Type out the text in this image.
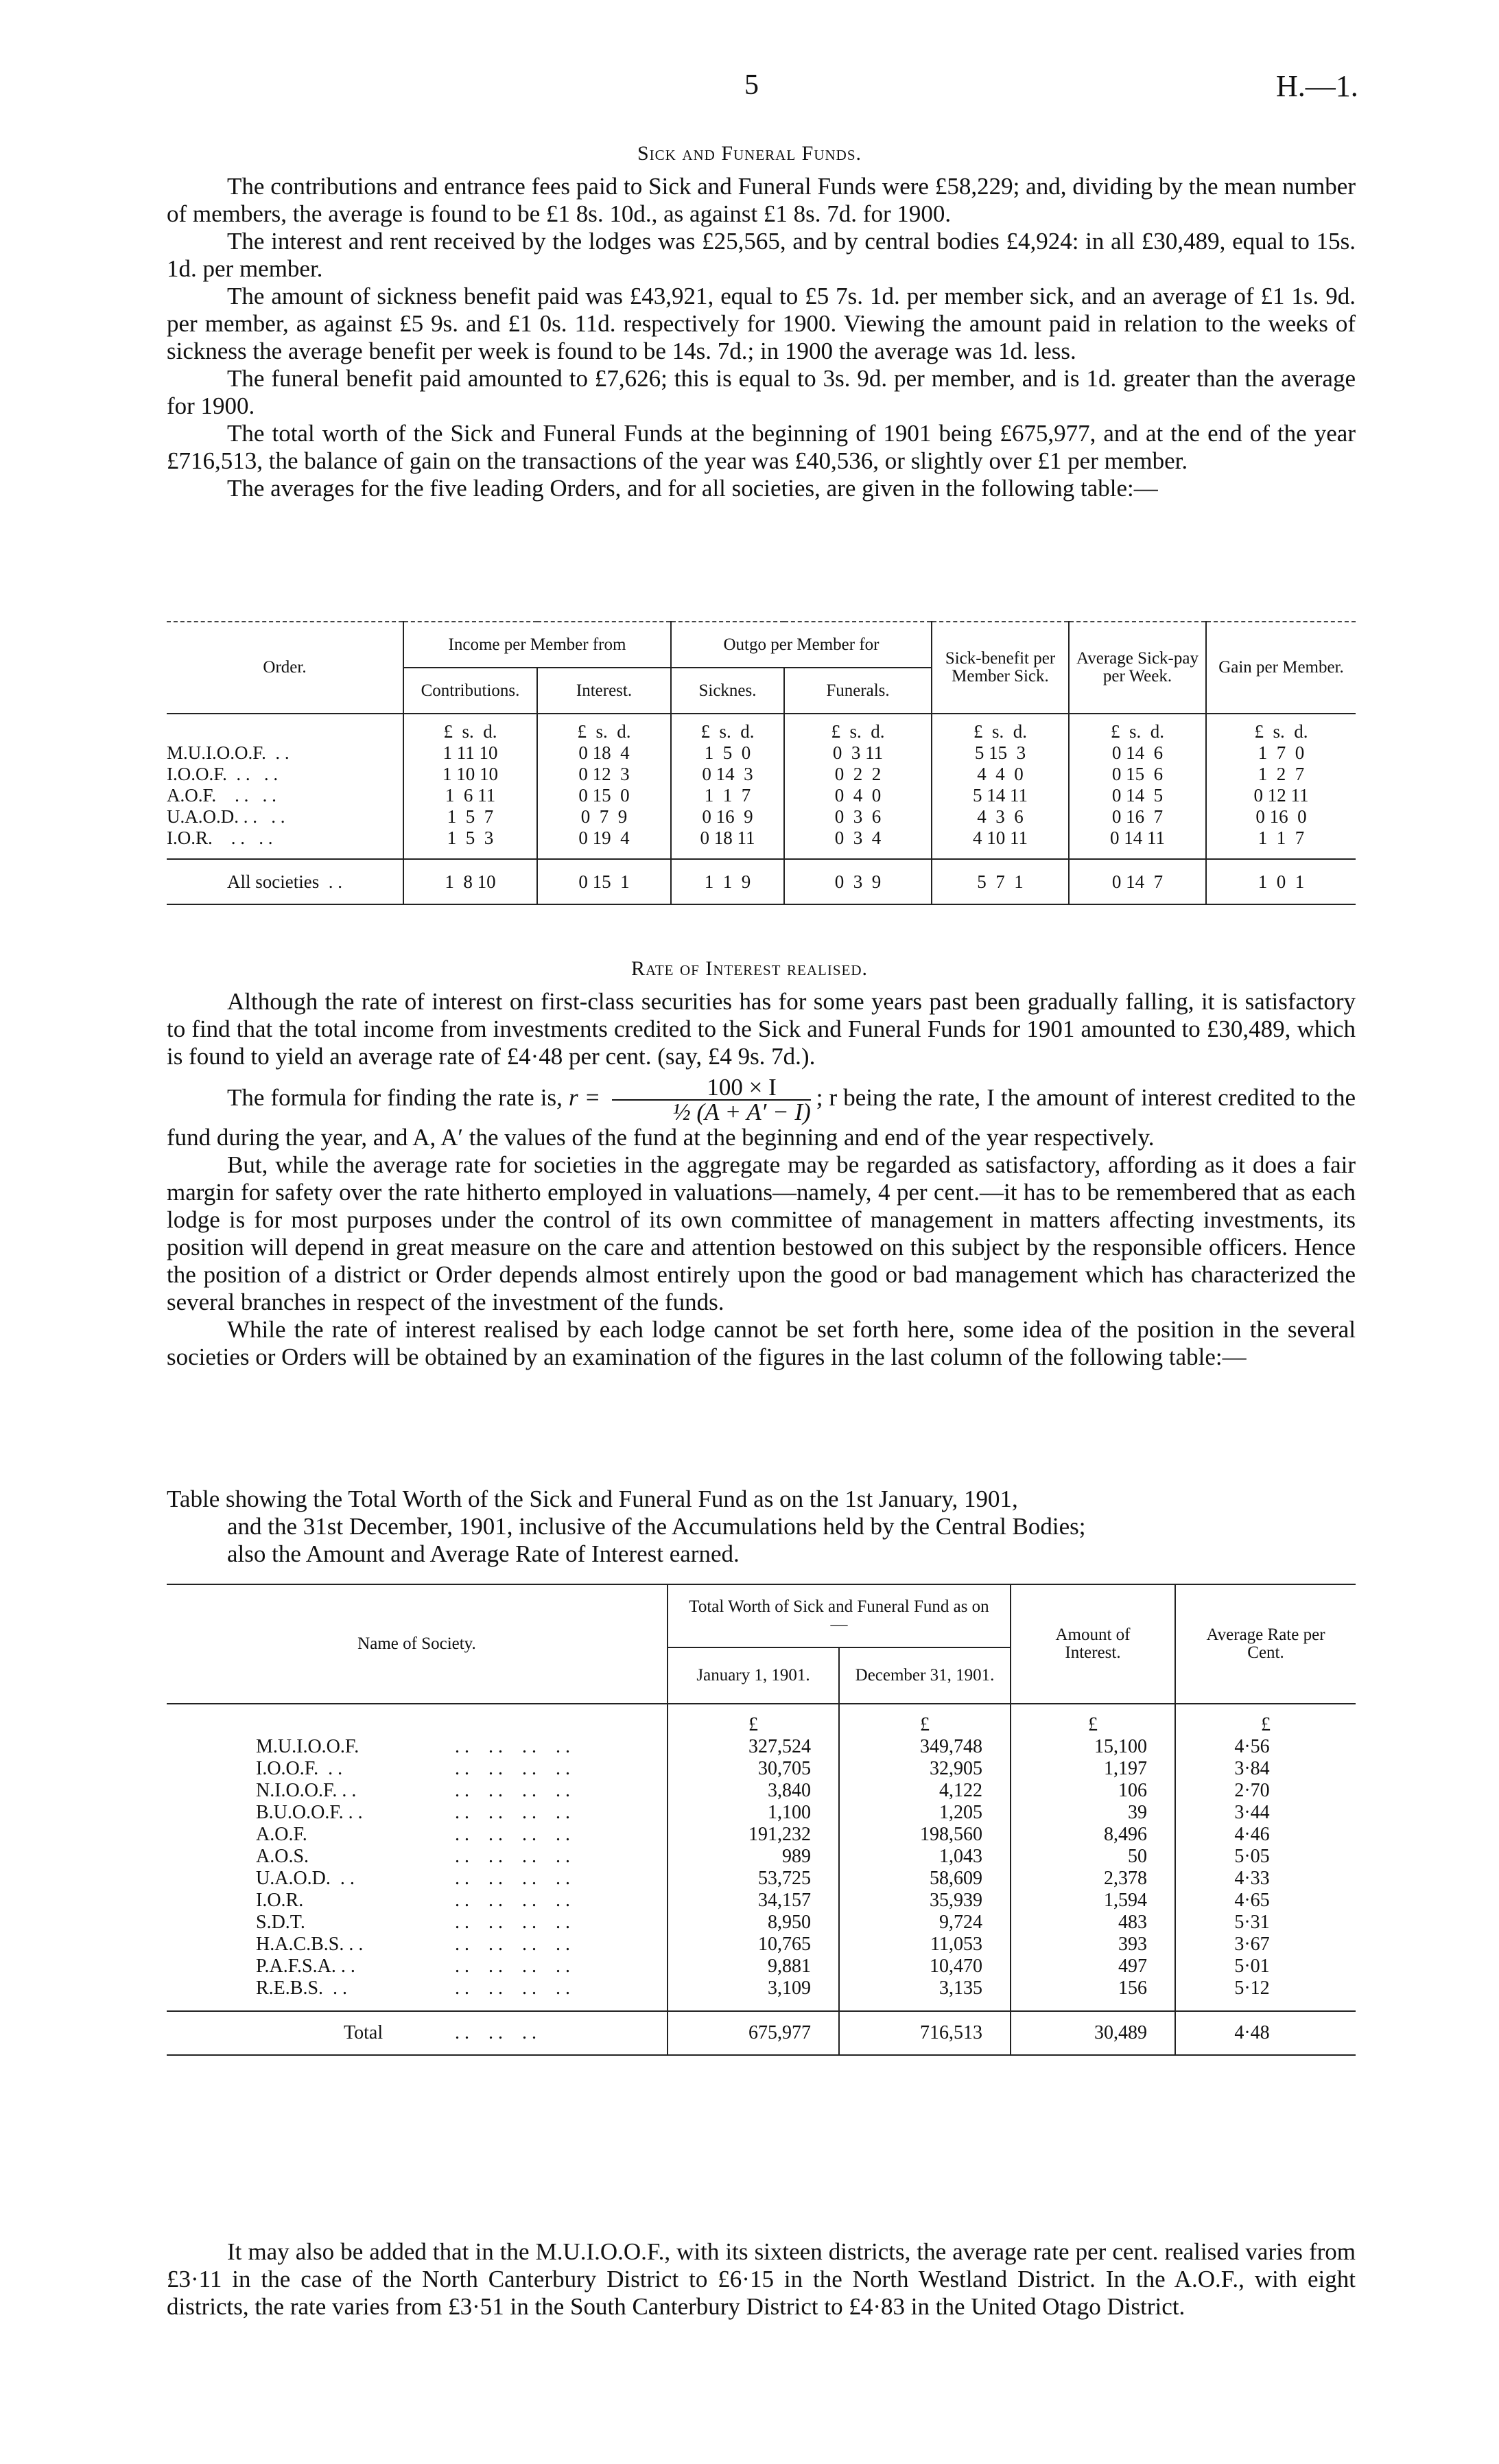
5	H.—1.
Sick and Funeral Funds.

The contributions and entrance fees paid to Sick and Funeral Funds were £58,229; and, dividing by the mean number of members, the average is found to be £1 8s. 10d., as against £1 8s. 7d. for 1900.

The interest and rent received by the lodges was £25,565, and by central bodies £4,924: in all £30,489, equal to 15s. 1d. per member.

The amount of sickness benefit paid was £43,921, equal to £5 7s. 1d. per member sick, and an average of £1 1s. 9d. per member, as against £5 9s. and £1 0s. 11d. respectively for 1900. Viewing the amount paid in relation to the weeks of sickness the average benefit per week is found to be 14s. 7d.; in 1900 the average was 1d. less.

The funeral benefit paid amounted to £7,626; this is equal to 3s. 9d. per member, and is 1d. greater than the average for 1900.

The total worth of the Sick and Funeral Funds at the beginning of 1901 being £675,977, and at the end of the year £716,513, the balance of gain on the transactions of the year was £40,536, or slightly over £1 per member.

The averages for the five leading Orders, and for all societies, are given in the following table:—

Order.	Income per Member from		Outgo per Member for		Sick-benefit per Member Sick.	Average Sick-pay per Week.	Gain per Member.
	Contributions.	Interest.	Sicknes.	Funerals.			
	£  s.  d.	£  s.  d.	£  s.  d.	£  s.  d.	£  s.  d.	£  s.  d.	£  s.  d.
M.U.I.O.O.F.  . .	1 11 10	0 18  4	1  5  0	0  3 11	5 15  3	0 14  6	1  7  0
I.O.O.F.  . .   . .	1 10 10	0 12  3	0 14  3	0  2  2	4  4  0	0 15  6	1  2  7
A.O.F.    . .   . .	1  6 11	0 15  0	1  1  7	0  4  0	5 14 11	0 14  5	0 12 11
U.A.O.D. . .   . .	1  5  7	0  7  9	0 16  9	0  3  6	4  3  6	0 16  7	0 16  0
I.O.R.    . .   . .	1  5  3	0 19  4	0 18 11	0  3  4	4 10 11	0 14 11	1  1  7
All societies  . .	1  8 10	0 15  1	1  1  9	0  3  9	5  7  1	0 14  7	1  0  1
Rate of Interest realised.

Although the rate of interest on first-class securities has for some years past been gradually falling, it is satisfactory to find that the total income from investments credited to the Sick and Funeral Funds for 1901 amounted to £30,489, which is found to yield an average rate of £4·48 per cent. (say, £4 9s. 7d.).

The formula for finding the rate is, $r = \frac{100 \times I}{\text{½ (A + A′ − I)}}$ ; r being the rate, I the amount of interest credited to the fund during the year, and A, A′ the values of the fund at the beginning and end of the year respectively.

But, while the average rate for societies in the aggregate may be regarded as satisfactory, affording as it does a fair margin for safety over the rate hitherto employed in valuations—namely, 4 per cent.—it has to be remembered that as each lodge is for most purposes under the control of its own committee of management in matters affecting investments, its position will depend in great measure on the care and attention bestowed on this subject by the responsible officers. Hence the position of a district or Order depends almost entirely upon the good or bad management which has characterized the several branches in respect of the investment of the funds.

While the rate of interest realised by each lodge cannot be set forth here, some idea of the position in the several societies or Orders will be obtained by an examination of the figures in the last column of the following table:—

Table showing the Total Worth of the Sick and Funeral Fund as on the 1st January, 1901,
and the 31st December, 1901, inclusive of the Accumulations held by the Central Bodies;
also the Amount and Average Rate of Interest earned.
Name of Society.	Total Worth of Sick and Funeral Fund as on—		Amount of Interest.	Average Rate per Cent.
	January 1, 1901.	December 31, 1901.		
	£	£	£	£
M.U.I.O.O.F. . .    . .    . .    . .	327,524	349,748	15,100	4·56
I.O.O.F.  . . . .    . .    . .    . .	30,705	32,905	1,197	3·84
N.I.O.O.F. . . . .    . .    . .    . .	3,840	4,122	106	2·70
B.U.O.O.F. . . . .    . .    . .    . .	1,100	1,205	39	3·44
A.O.F. . .    . .    . .    . .	191,232	198,560	8,496	4·46
A.O.S. . .    . .    . .    . .	989	1,043	50	5·05
U.A.O.D.  . . . .    . .    . .    . .	53,725	58,609	2,378	4·33
I.O.R. . .    . .    . .    . .	34,157	35,939	1,594	4·65
S.D.T. . .    . .    . .    . .	8,950	9,724	483	5·31
H.A.C.B.S. . . . .    . .    . .    . .	10,765	11,053	393	3·67
P.A.F.S.A. . . . .    . .    . .    . .	9,881	10,470	497	5·01
R.E.B.S.  . . . .    . .    . .    . .	3,109	3,135	156	5·12

Total . .    . .    . .	675,977	716,513	30,489	4·48

It may also be added that in the M.U.I.O.O.F., with its sixteen districts, the average rate per cent. realised varies from £3·11 in the case of the North Canterbury District to £6·15 in the North Westland District. In the A.O.F., with eight districts, the rate varies from £3·51 in the South Canterbury District to £4·83 in the United Otago District.
